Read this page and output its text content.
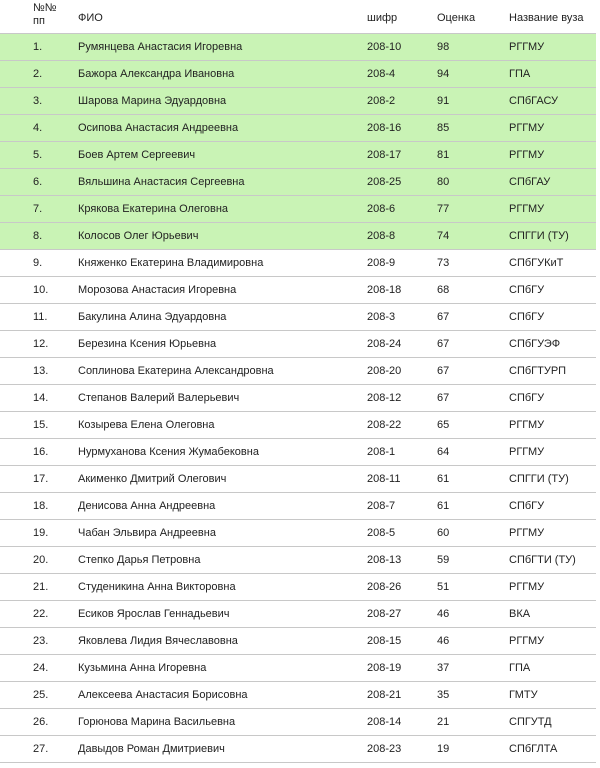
№№
пп	ФИО	шифр	Оценка	Название вуза
1.	Румянцева Анастасия Игоревна	208-10	98	РГГМУ
2.	Бажора Александра Ивановна	208-4	94	ГПА
3.	Шарова Марина Эдуардовна	208-2	91	СПбГАСУ
4.	Осипова Анастасия Андреевна	208-16	85	РГГМУ
5.	Боев Артем Сергеевич	208-17	81	РГГМУ
6.	Вяльшина Анастасия Сергеевна	208-25	80	СПбГАУ
7.	Крякова Екатерина Олеговна	208-6	77	РГГМУ
8.	Колосов Олег Юрьевич	208-8	74	СПГГИ (ТУ)
9.	Княженко Екатерина Владимировна	208-9	73	СПбГУКиТ
10.	Морозова Анастасия Игоревна	208-18	68	СПбГУ
11.	Бакулина Алина Эдуардовна	208-3	67	СПбГУ
12.	Березина Ксения Юрьевна	208-24	67	СПбГУЭФ
13.	Соплинова Екатерина Александровна	208-20	67	СПбГТУРП
14.	Степанов Валерий Валерьевич	208-12	67	СПбГУ
15.	Козырева Елена Олеговна	208-22	65	РГГМУ
16.	Нурмуханова Ксения Жумабековна	208-1	64	РГГМУ
17.	Акименко Дмитрий Олегович	208-11	61	СПГГИ (ТУ)
18.	Денисова Анна Андреевна	208-7	61	СПбГУ
19.	Чабан Эльвира Андреевна	208-5	60	РГГМУ
20.	Степко Дарья Петровна	208-13	59	СПбГТИ (ТУ)
21.	Студеникина Анна Викторовна	208-26	51	РГГМУ
22.	Есиков Ярослав Геннадьевич	208-27	46	ВКА
23.	Яковлева Лидия Вячеславовна	208-15	46	РГГМУ
24.	Кузьмина Анна Игоревна	208-19	37	ГПА
25.	Алексеева Анастасия Борисовна	208-21	35	ГМТУ
26.	Горюнова Марина Васильевна	208-14	21	СПГУТД
27.	Давыдов Роман Дмитриевич	208-23	19	СПбГЛТА
